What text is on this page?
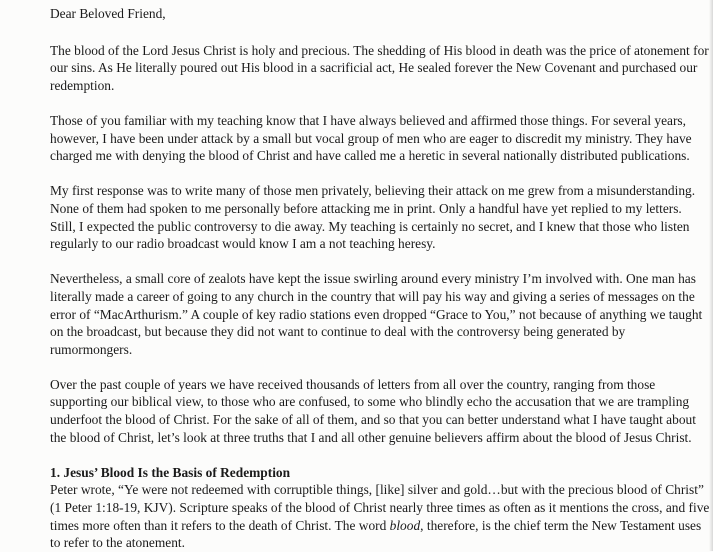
Dear Beloved Friend,

The blood of the Lord Jesus Christ is holy and precious. The shedding of His blood in death was the price of atonement for our sins. As He literally poured out His blood in a sacrificial act, He sealed forever the New Covenant and purchased our redemption.

Those of you familiar with my teaching know that I have always believed and affirmed those things. For several years, however, I have been under attack by a small but vocal group of men who are eager to discredit my ministry. They have charged me with denying the blood of Christ and have called me a heretic in several nationally distributed publications.

My first response was to write many of those men privately, believing their attack on me grew from a misunderstanding. None of them had spoken to me personally before attacking me in print. Only a handful have yet replied to my letters. Still, I expected the public controversy to die away. My teaching is certainly no secret, and I knew that those who listen regularly to our radio broadcast would know I am a not teaching heresy.

Nevertheless, a small core of zealots have kept the issue swirling around every ministry I’m involved with. One man has literally made a career of going to any church in the country that will pay his way and giving a series of messages on the error of “MacArthurism.” A couple of key radio stations even dropped “Grace to You,” not because of anything we taught on the broadcast, but because they did not want to continue to deal with the controversy being generated by rumormongers.

Over the past couple of years we have received thousands of letters from all over the country, ranging from those supporting our biblical view, to those who are confused, to some who blindly echo the accusation that we are trampling underfoot the blood of Christ. For the sake of all of them, and so that you can better understand what I have taught about the blood of Christ, let’s look at three truths that I and all other genuine believers affirm about the blood of Jesus Christ.

1. Jesus’ Blood Is the Basis of Redemption

Peter wrote, “Ye were not redeemed with corruptible things, [like] silver and gold…but with the precious blood of Christ” (1 Peter 1:18-19, KJV). Scripture speaks of the blood of Christ nearly three times as often as it mentions the cross, and five times more often than it refers to the death of Christ. The word blood, therefore, is the chief term the New Testament uses to refer to the atonement.
